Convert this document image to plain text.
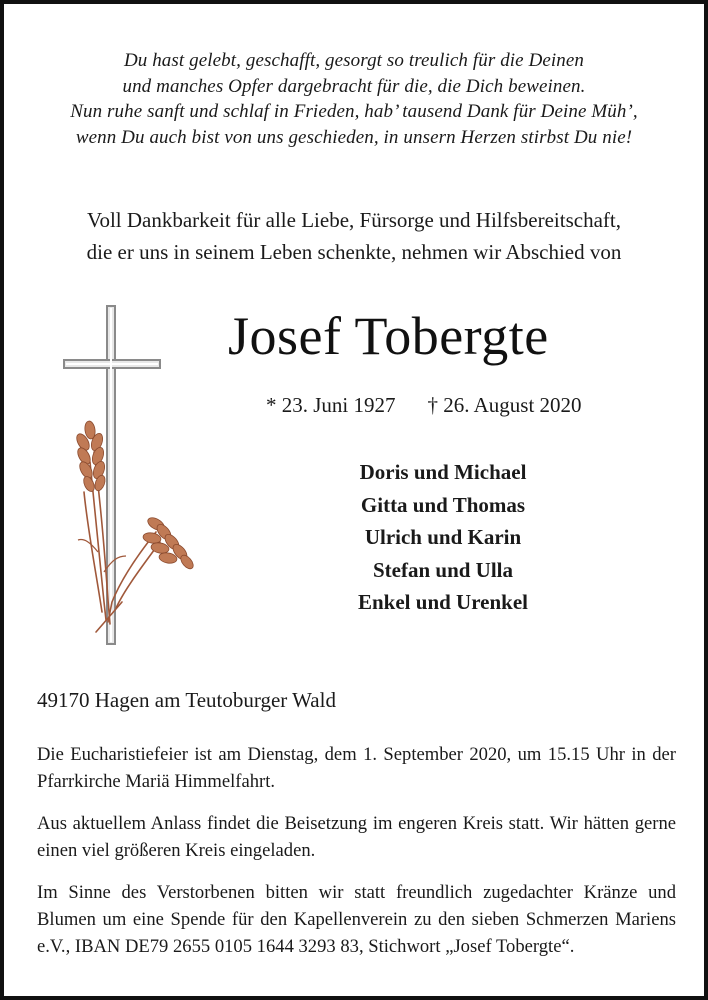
Du hast gelebt, geschafft, gesorgt so treulich für die Deinen
und manches Opfer dargebracht für die, die Dich beweinen.
Nun ruhe sanft und schlaf in Frieden, hab’ tausend Dank für Deine Müh’,
wenn Du auch bist von uns geschieden, in unsern Herzen stirbst Du nie!
Voll Dankbarkeit für alle Liebe, Fürsorge und Hilfsbereitschaft,
die er uns in seinem Leben schenkte, nehmen wir Abschied von
Josef Tobergte
* 23. Juni 1927 † 26. August 2020
Doris und Michael
Gitta und Thomas
Ulrich und Karin
Stefan und Ulla
Enkel und Urenkel
49170 Hagen am Teutoburger Wald
Die Eucharistiefeier ist am Dienstag, dem 1. September 2020, um 15.15 Uhr in der Pfarrkirche Mariä Himmelfahrt.
Aus aktuellem Anlass findet die Beisetzung im engeren Kreis statt. Wir hätten gerne einen viel größeren Kreis eingeladen.
Im Sinne des Verstorbenen bitten wir statt freundlich zugedachter Kränze und Blumen um eine Spende für den Kapellenverein zu den sieben Schmerzen Mariens e.V., IBAN DE79 2655 0105 1644 3293 83, Stichwort „Josef Tobergte“.
